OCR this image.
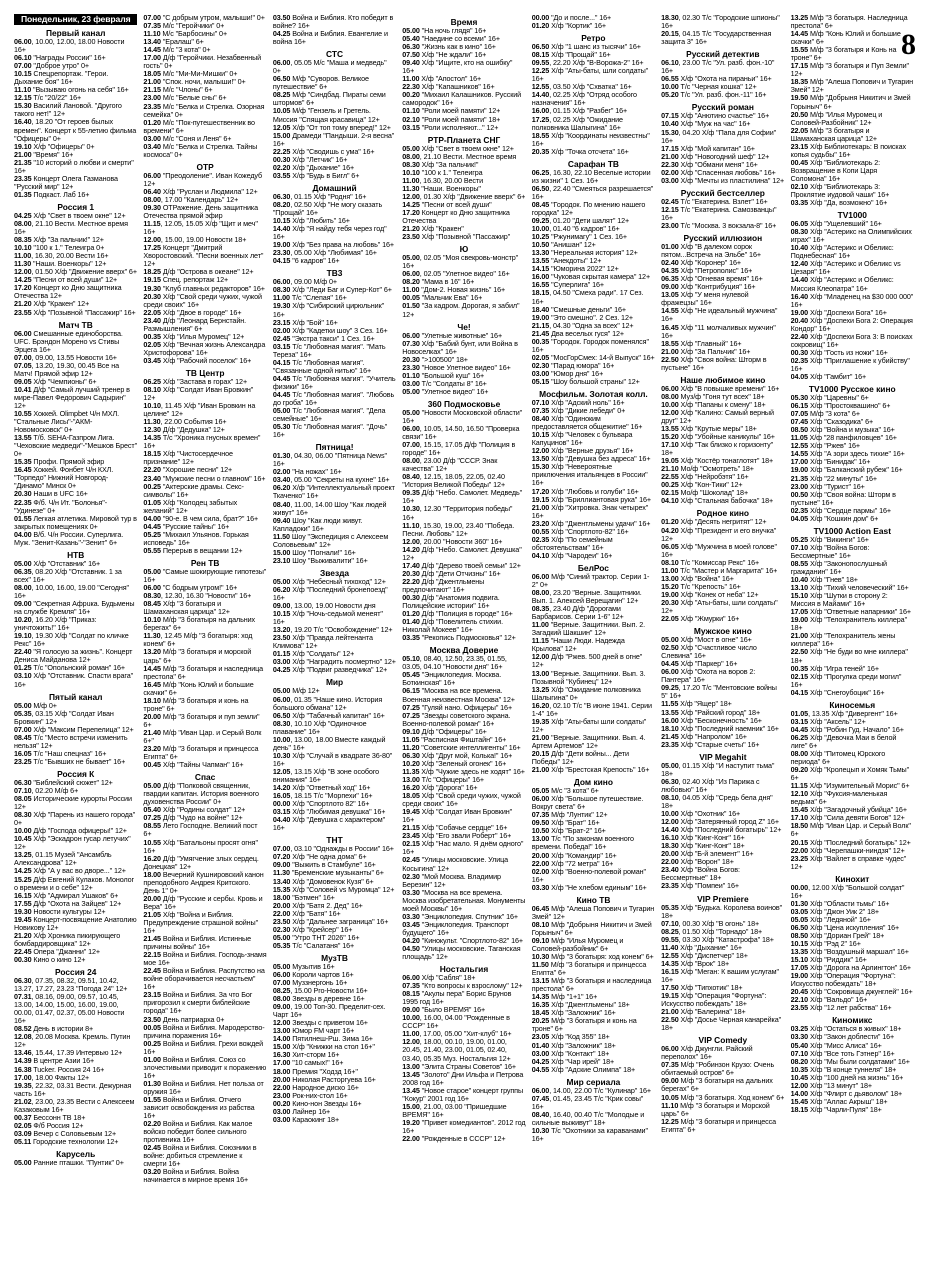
Понедельник, 23 февраля
Первый канал
06.00, 10.00, 12.00, 18.00 Новости 16+
06.10 "Награды России" 16+
07.00 "Доброе утро" 0+
10.15 Спецрепортаж. "Герои. Дыхание боя" 16+
11.10 "Вызываю огонь на себя" 16+
12.15 Т/с "20/22" 16+
15.30 Василий Лановой. "Другого такого нет!" 12+
16.40, 18.20 "От героев былых времен". Концерт к 55-летию фильма "Офицеры" 0+
19.10 Х/ф "Офицеры" 0+
21.00 "Время" 16+
21.35 "10 историй о любви и смерти" 16+
23.35 Концерт Олега Газманова "Русский мир" 12+
01.35 Подкаст. Лаб 16+
Россия 1
04.25 Х/ф "Свет в твоем окне" 12+
08.00, 21.10 Вести. Местное время 16+
08.35 Х/ф "За пальчик!" 12+
10.10 "100 к 1." Телеигра 0+
11.00, 16.30, 20.00 Вести 16+
11.30 "Наши. Военкоры" 12+
12.00, 01.50 Х/ф "Движение вверх" 6+
14.25 "Песни от всей души" 12+
17.20 Концерт ко Дню защитника Отечества 12+
21.20 Х/ф "Кракен" 12+
23.55 Х/ф "Позывной "Пассажир" 16+
Матч ТВ
06.00 Смешанные единоборства. UFC. Брэндон Морено vs Стивы Эрцега 16+
07.00, 09.00, 13.55 Новости 16+
07.05, 13.20, 19.30, 00.45 Все на Матч! Прямой эфир 12+
09.05 Х/ф "Чемпионы" 6+
10.41 Д/ф "Самый лучший тренер в мире-Павел Федорович Садырин" 12+
10.55 Хоккей. Olimpbet Ч/н МХЛ. "Стальные Лисы"-"АКМ-Новомосковск" 0+
13.55 Т/б. SEHA-Газпром Лига. "Чеховские медведи"-"Мешков Брест" 0+
15.35 Профи. Прямой эфир
16.45 Хоккей. Фонбет Ч/н КХЛ. "Торпедо" Нижний Новгород-"Динамо" Минск 0+
20.30 Наши в UFC 16+
22.35 Ф/б. Ч/н Ит. "Болонья"-"Удинезе" 0+
01.55 Легкая атлетика. Мировой тур в закрытых помещениях 0+
04.00 В/б. Ч/н России. Суперлига. Муж. "Зенит-Казань"-"Зенит" 6+
НТВ
05.00 Х/ф "Отставник" 16+
06.35, 08.20 Х/ф "Отставник. 1 за всех" 16+
08.00, 10.00, 16.00, 19.00 "Сегодня" 16+
09.00 "Секретная Афрuка. Будьмены на службе Кремля" 16+
10.20, 16.20 Х/ф "Приказ: уничтожить!" 16+
19.10, 19.30 Х/ф "Солдат по кличке Рекс" 16+
22.40 "Я голосую за жизнь". Концерт Дениса Майданова 12+
01.25 Т/с "Опольнский роман" 16+
03.10 Х/ф "Отставник. Спасти врага" 16+
Пятый канал
05.00 М/ф 0+
05.35, 03.15 Х/ф "Солдат Иван Бровкин" 12+
07.00 Х/ф "Максим Перепелица" 12+
08.45 Т/с "Место встречи изменить нельзя" 12+
16.05 Т/с "Наш спецназ" 16+
23.25 Т/с "Бывших не бывает" 16+
Россия К
06.30 "Библейский сюжет" 12+
07.10, 02.20 М/ф 6+
08.05 Исторические курорты России 12+
08.30 Х/ф "Парень из нашего города" 0+
10.00 Д/ф "Господа офицеры!" 12+
10.45 Х/ф "Эскадрон гусар летучих" 12+
13.25, 01.15 Музей "Ансамбль Александрова" 12+
14.25 Х/ф "А у вас во дворе..." 12+
15.25 Д/ф Евгений Кулаков. Монолог о времени и о себе" 12+
16.15 Х/ф "Адмирал Ушаков" 6+
17.55 Д/ф "Охота на Зайцев" 12+
19.30 Новости культуры 12+
19.45 Концерт-посвящение Анатолию Новикову 12+
21.20 Х/ф Хроника пикирующего бомбардировщика" 12+
22.45 Опера "Джанни" 12+
00.30 Кино о кино 12+
Россия 24
06.30, 07.35, 08.32, 09.51, 10.42, 13.27, 17.27, 23.23 "Погода 24" 12+
07.31, 08.16, 09.00, 09.57, 10.45, 13.00, 14.00, 15.00, 16.00, 19.00, 00.00, 01.47, 02.37, 05.00 Новости 16+
08.52 День в истории 8+
12.08, 20.08 Москва. Кремль. Путин 12+
13.46, 15.44, 17.39 Интервью 12+
14.39 В центре Азии 16+
16.38 Tucker. Россия 24 16+
17.00, 18.00 Факты 12+
19.35, 22.32, 03.31 Вести. Дежурная часть 16+
21.02, 23.00, 23.35 Вести с Алексеем Казаковым 16+
00.37 Бессонн ТВ 18+
02.05 Ф/б Россия 12+
03.09 Вечер с Соловьевым 12+
05.11 Городские технологии 12+
Карусель
05.00 Ранние пташки. "Пунтик" 0+
07.00 "С добрым утром, малыши!" 0+
07.35 М/с "Геройчики" 0+
11.10 М/с "Барбосины" 0+
13.40 "Ералаш" 6+
14.45 М/с "3 кота" 0+
17.00 Д/ф "Геройчики. Незабвенный гость" 0+
18.05 М/с "Ми-Ми-Мишки" 0+
21.00 "Спок. ночи, малыши!" 0+
21.15 М/с "Члоны" 6+
23.00 М/с "Белые сны" 6+
23.35 М/с "Белка и Стрелка. Озорная семейка" 0+
01.20 М/с "Пок-путешественник во времени" 6+
03.00 М/с "Соня и Леня" 6+
03.40 М/с "Белка и Стрелка. Тайны космоса" 0+
ОТР
06.00 "Преодоление". Иван Кожедуб 12+
06.40 Х/ф "Руслан и Людмила" 12+
08.00, 17.00 "Календарь" 12+
09.30 ОТРажение. День защитника Отечества прямой эфир
11.15, 12.05, 15.05 Х/ф "Щит и меч" 16+
12.00, 15.00, 19.00 Новости 18+
17.25 Концерт "Дмитрий Хворостовский. "Песни военных лет" 12+
18.25 Д/ф "Острова в океане" 12+
19.15 Спец. репортаж 12+
19.30 "Клуб главных редакторов" 16+
20.30 Х/ф "Свой среди чужих, чужой среди своих" 16+
22.05 Х/ф "Двое в городе" 16+
23.40 Д/ф "Леонард Бернстайн. Размышления" 6+
00.35 Х/ф "Илья Муромец" 12+
02.05 Х/ф "Вечная жизнь Александра Христофорова" 16+
03.45 Х/ф "Рабочий поселок" 16+
ТВ Центр
06.25 Х/ф "Застава в горах" 12+
08.10 Х/ф "Солдат Иван Бровкин" 12+
10.10, 11.45 Х/ф "Иван Бровкин на целине" 12+
11.30, 22.00 События 16+
12.30 Д/ф "Дедушка" 12+
14.35 Т/с "Хроника гнусных времен" 16+
18.15 Х/ф "Чистосердечное признание" 12+
22.20 "Хорошие песни" 12+
23.40 "Мужские песни о главном" 16+
00.25 "Актерские драмы. Секс-символы" 16+
01.05 Х/ф "Колодец забытых желаний" 12+
04.00 "90-е. В чем сила, брат?" 16+
04.45 "Русские тайны" 16+
05.25 "Михаил Ульянов. Горькая исповедь" 16+
05.55 Перерыв в вещании 12+
Рен ТВ
05.00 "Самые шокирующие гипотезы" 16+
06.00 "С бодрым утром!" 16+
08.30, 12.30, 16.30 "Новости" 16+
08.45 Х/ф "3 богатыря и Шамаханская царица" 12+
10.10 М/ф "3 богатыря на дальних берегах" 6+
11.30, 12.45 М/ф "3 богатыря: ход конем" 6+
13.20 М/ф "3 богатыря и морской царь" 6+
14.45 М/ф "3 богатыря и наследница престола" 6+
16.45 М/ф "Конь Юлий и большие скачки" 6+
18.10 М/ф "3 богатыря и конь на троне" 6+
20.00 М/ф "3 богатыря и пуп земли" 6+
21.40 М/ф "Иван Цар. и Серый Волк 6+"
23.20 М/ф "3 богатыря и принцесса Египта" 6+
00.45 Х/ф "Тайны Чапман" 16+
Спас
05.00 Д/ф "Полковой священник, гвардии капитан. История военного духовенства России" 0+
05.40 Х/ф "Родины солдат" 12+
07.25 Д/ф "Чудо на войне" 12+
08.55 Лето Господне. Великий пост 6+
10.55 Х/ф "Батальоны просят огня" 16+
16.20 Д/ф "Умягчение злых сердец. Донецкая" 12+
18.00 Вечерний Кушнировский канон преподобного Андрея Критского. День 1" 0+
20.00 Д/ф "Русские и сербы. Кровь и Вера" 16+
21.05 Х/ф "Война и Библия. Предупреждение страшной войны" 16+
21.45 Война и Библия. Истинные причины войны" 16+
22.15 Война и Библия. Господь-знамя мое 16+
22.45 Война и Библия. Распутство на войне оборачивается несчастьем" 16+
23.15 Война и Библия. За что Бог пригорозил к смерти библейские города" 16+
23.50 День патриарха 0+
00.05 Война и Библия. Мародерство-причина поражения 16+
00.25 Война и Библия. Грехи вождей 16+
01.00 Война и Библия. Союз со злочестивыми приводит к поражению 16+
01.30 Война и Библия. Нет польза от оружия 16+
01.55 Война и Библия. Отчего зависит освобождения из рабства 16+
02.20 Война и Библия. Как малое войско победит более сильного противника 16+
02.45 Война и Библия. Союзники в войне: добиться стремление к смерти 16+
03.20 Война и Библия. Война начинается в мирное время 16+
03.50 Война и Библия. Кто победит в войне? 16+
04.25 Война и Библия. Евангелие и война 16+
СТС
06.00, 05.05 М/с "Маша и медведь" 0+
06.50 М/ф "Суворов. Великое путешествие" 6+
08.25 М/ф "Синдбад. Пираты семи штормов" 6+
10.05 М/ф "Гензель и Гретель. Миссия "Спящая красавица" 12+
12.05 Х/ф "От топ тому вперед!" 12+
15.00 Драмеди "Пандыши. 2-я весна" 16+
22.25 Х/ф "Сводишь с ума" 16+
00.30 Х/ф "Летчик" 16+
02.20 Х/ф "Дыхание" 16+
03.55 Х/ф "Будь в Бигл" 6+
Домашний
06.30, 01.15 Х/ф "Родня" 16+
08.20, 02.50 Х/ф "Не могу сказать "Прощай" 16+
10.15 Х/ф "Любить" 16+
14.40 Х/ф "Я найду тебя через год" 16+
19.00 Х/ф "Без права на любовь" 16+
23.30, 05.00 Х/ф "Любимая" 16+
04.15 "6 кадров" 16+
ТВ3
06.00, 09.00 М/ф 0+
08.30 Х/ф "Леди Баг и Супер-Кот" 6+
11.00 Т/с "Слепая" 16+
19.30 Х/ф "Сибирский цирюльник" 16+
23.15 Х/ф "Бой" 16+
02.00 Х/ф "Кадетки шоу" 3 Сез. 16+
02.45 "Экстра такси" 1 Сез. 16+
03.15 Т/с "Любовная магия". "Мать Тереза" 16+
04.15 Т/с "Любовная магия". "Связанные одной нитью" 16+
04.45 Т/с "Любовная магия". "Учитель физики" 16+
04.45 Т/с "Любовная магия". "Любовь до гроба" 16+
05.00 Т/с "Любовная магия". "Дела семейные" 16+
05.30 Т/с "Любовная магия". "Дочь" 16+
Пятница!
01.30, 04.30, 06.00 "Пятница News" 16+
02.00 "На ножах" 16+
03.40, 05.00 "Секреты на кухне" 16+
06.20 Х/ф "Интеллектуальный проект Ткаченко" 16+
08.40, 11.00, 14.00 Шоу "Как людей живут" 16+
09.40 Шоу "Как люди живут. Капладоки" 16+
11.50 Шоу "Экспедиция с Алексеем Соловьевым" 12+
15.00 Шоу "Погнали!" 16+
23.10 Шоу "Выживалити" 16+
Звезда
05.00 Х/ф "Небесный тихоход" 12+
06.20 Х/ф "Последний бронепоезд" 16+
09.00, 13.00, 19.00 Новости дня
10.15 Х/ф "Ночь-седьмой менеят" 16+
13.20, 19.20 Т/с "Освобождение" 12+
23.50 Х/ф "Правда лейтенанта Климова" 12+
01.15 Х/ф "Солдаты" 12+
03.00 Х/ф "Наградить посмертно" 12+
04.25 Х/ф "Подвиг разведчика" 12+
Мир
05.00 М/ф 12+
06.00, 01.35 "Наше кино. История большого обмана" 12+
06.50 Х/ф "Табачный капитан" 16+
08.30, 10.10 Х/ф "Одиночное плавание" 16+
10.00, 13.00, 18.00 Вместе каждый день" 16+
10.30 Х/ф "Случай в квадрате 36-80" 16+
12.05, 13.15 Х/ф "В зоне особого внимания" 16+
14.20 Х/ф "Ответный ход" 16+
16.05, 18.15 Т/с "Морпехи" 16+
00.00 Х/ф "Спортлото 82" 16+
03.15 Х/ф "Любимая девушка" 16+
04.40 Х/ф "Девушка с характером" 16+
ТНТ
07.00, 03.10 "Однажды в России" 16+
07.20 Х/ф "Не одна дома" 6+
09.00 "Выжить в Стамбуле" 16+
11.30 "Бременские музыканты" 6+
13.40 Х/ф "Домовенок Кузя" 6+
15.35 Х/ф "Соловей vs Муромца" 12+
18.00 "Бэтмен" 16+
20.00 Х/ф "Батя 2. Дед" 16+
22.00 Х/ф "Батя" 16+
23.50 Х/ф "Дальнее заграница" 16+
02.30 Х/ф "Крейсер" 16+
05.00 "Утро ТНТ 2026" 16+
05.35 Т/с "Салатаня" 16+
МузТВ
05.00 Музытив 16+
06.00 Короли чартов 16+
07.00 Муззнергонь 16+
08.25, 15.00 Pro-Новости 16+
08.00 Звезды в деревне 16+
09.00, 19.00 Топ-30. Пределит-сех. Чарт 16+
12.00 Звезды с приветом 16+
13.00 Юмор FM чарт 16+
14.00 Пятилнеш-Рш. Зима 16+
15.00 Х/ф "Книжки на стол 16+"
16.30 Хит-сторм 16+
17.00 "10 самых!" 16+
18.00 Премия "Ходзд 16+"
20.00 Николая Расторгуева 16+
22.00 Народное диско 16+
23.00 Рок-них-стол 16+
00.20 Кино-нон Звезды 16+
03.00 Лайнер 16+
03.00 Караокинг 18+
Время
05.00 "На ночь глядя" 16+
05.40 "Наедине со всеми" 16+
06.30 "Жизнь как в кино" 16+
07.50 Х/ф "Не ждали" 16+
09.40 Х/ф "Ищите, кто на ошибку" 16+
11.00 Х/ф "Апостол" 16+
22.30 Х/ф "Капашников" 16+
00.20 "Михаил Калашников. Русский самородок" 16+
01.10 "Роли моей памяти" 12+
02.10 "Роли моей памяти" 18+
03.15 "Роли исполняют..." 12+
РТР-Планета СНГ
05.00 Х/ф "Свет в твоем окне" 12+
08.00, 21.10 Вести. Местное время
08.30 Х/ф "За пальчик!"
10.10 "100 к 1." Телеигра
11.00, 16.30, 20.00 Вести
11.30 "Наши. Военкоры"
12.00, 01.30 Х/ф "Движение вверх" 6+
14.25 "Песни от всей души"
17.20 Концерт ко Дню защитника Отечества
21.20 Х/ф "Кракен"
23.50 Х/ф "Позывной "Пассажир"
Ю
05.00, 02.05 "Моя свекровь-монстр" 16+
06.00, 02.05 "Улетное видео" 16+
08.20 "Мама в 16" 16+
11.00 "Дом-2. Новая жизнь" 16+
00.05 "Мальчик Ева" 16+
01.50 "За кадром. Дорогая, я забил" 12+
Че!
06.00 "Улетные животные" 16+
07.30 Х/ф "Бабий бунт, или Война в Новоселках" 16+
20.30 ">100500" 18+
23.30 "Новое Улетное видео" 16+
01.10 "Большой куш" 16+
03.00 Т/с "Солдаты 8" 16+
05.00 "Улетное видео" 16+
360 Подмосковье
05.00 "Новости Московской области" 16+
06.00, 10.05, 14.50, 16.50 "Проверка связи" 16+
07.00, 15.15, 17.05 Д/ф "Полиция в городе" 16+
08.00, 23.00 Д/ф "СССР. Знак качества" 12+
08.40, 12.15, 18.05, 22.05, 02.40 "История Великой Победы" 12+
09.35 Д/ф "Небо. Самолет. Медведь" 16+
10.30, 12.30 "Территория победы" 16+
11.10, 15.30, 19.00, 23.40 "Победа. Песни. Любовь" 12+
12.00, 20.00 "Новости 360" 16+
14.20 Д/ф "Небо. Самолет. Девушка" 12+
17.40 Д/ф "Дерево твоей семьи" 12+
20.30 Д/ф "Дети Отчизны" 16+
22.20 Д/ф "Джентльмены предпочитают" 16+
00.30 Д/ф "Анатомия подвига. Полицейские истории" 16+
01.20 Д/ф "Полиция в городе" 16+
01.40 Д/ф "Повелитель стихии. Николай Мокеев" 16+
03.35 "Рекопись Подмосковья" 12+
Москва Доверие
05.10, 08.40, 12.50, 23.35, 01.55, 03.05, 04.10 "Новости дня" 16+
05.45 "Энциклопедия. Москва. Боткинская" 16+
06.15 "Москва на все времена. Военная неизвестная Москва" 12+
07.25 "Гуляй нано. Офицеры" 16+
07.25 "Звезды советского экрана. Военно-полевой роман" 16+
09.10 Д/ф "Офицеры" 16+
11.05 "Расписная Фиштайн" 16+
11.20 "Советские интеллигенты" 16+
06.30 Х/ф "Друг мой, Колька!" 16+
10.20 Х/ф "Зеленый огонек" 16+
11.35 Х/ф "Чужие здесь не ходят" 16+
13.00 Т/с "Офицеры" 16+
16.20 Х/ф "Дорога" 16+
18.05 Х/ф "Свой среди чужих, чужой среди своих" 16+
19.45 Х/ф "Солдат Иван Бровкин" 16+
21.15 Х/ф "Собачье сердце" 16+
23.45 Х/ф "Его звали Роберт" 16+
02.15 Х/ф "Нас мало. Я днём одного" 16+
02.45 "Улицы московские. Улица Косыгина" 12+
02.30 "Мой Москва. Владимир Березин" 12+
03.30 "Москва на все времена. Москва изобретательная. Монументы моей Москвы" 16+
03.30 "Энциклопедия. Спутник" 16+
03.45 "Энциклопедия. Транспорт будущего" 16+
04.20 "Кинокульт. "Спортлото-82" 16+
04.50 "Улицы московские. Таганская площадь" 12+
Ностальгия
06.00 Х/ф "Сабля" 18+
07.35 "Кто вопросы к взрослому" 12+
08.15 "Акулы пера" Борис Брунов 1995 год 16+
09.00 "Было ВРЕМЯ" 16+
10.00, 16.00, 04.00 "Рожденные в СССР" 16+
11.00, 17.00, 05.00 "Хит-клуб" 16+
12.00, 18.00, 00.10, 19.00, 01.00, 20.45, 21.40, 23.00, 01.05, 02.40, 03.40, 05.35 Муз. Ностальгия 12+
13.00 "Элита Страны Советов" 16+
13.45 "Золото" Дни Ильфа и Петрова 2008 год 16+
13.45 "Новое старое" концерт группы "Кокур" 2001 год 16+
15.00, 21.00, 03.00 "Пришедшие ВРЕМЯ" 16+
19.20 "Привет комедиантов". 2012 год 16+
22.00 "Рожденные в СССР" 12+
00.00 "До и после..." 16+
01.20 Х/ф "Кортик" 16+
Ретро
06.50 Х/ф "1 шанс из тысячи" 16+
08.15 Х/ф "Прощай" 16+
09.55, 22.20 Х/ф "В-Ворожа-2" 16+
12.25 Х/ф "Аты-баты, шли солдаты" 16+
12.55, 03.50 Х/ф "Схватка" 16+
14.40, 02.25 Х/ф "Отряд особого назначения" 16+
16.00, 01.15 Х/ф "Разбег" 16+
17.25, 02.25 Х/ф "Ожидание полковника Шалыгина" 16+
18.55 Х/ф "Координаты неизвестны" 16+
20.35 Х/ф "Точка отсчета" 16+
Сарафан ТВ
06.25, 16.30, 22.10 Веселые истории из жизни" 1 Сез. 16+
06.50, 22.40 "Смеяться разрешается" 16+
08.45 "Городок. По мнению нашего городка" 12+
09.25, 01.20 "Дети шалят" 12+
10.00, 01.40 "6 кадров" 16+
10.25 "Ржунимагу" 1 Сез. 16+
10.50 "Анишан" 12+
13.30 "Нереальная история" 12+
13.55 "Анекдоты" 12+
14.15 "Юморина 2022" 12+
16.00 "Чуковая скрытая камера" 12+
16.55 "Суперлига" 16+
18.15, 04.50 "Смеха ради". 17 Сез. 16+
18.40 "Смешные деньги" 16+
19.00 "Это смешно". 2 Сез. 12+
21.15, 04.30 "Одна за всех" 12+
21.45 Два веселых гуся" 12+
00.35 "Городок. Городок поменялся" 16+
02.05 "МосГорСмех: 14-й Выпуск" 16+
02.30 "Парад юмора" 16+
03.00 "Юмор дня" 16+
05.15 "Шоу большой страны" 12+
Мосфильм. Золотая колл.
07.10 Х/ф "Адский ноль" 16+
07.35 Х/ф "Дикие лебеди" 0+
08.40 Х/ф "Одиноким предоставляется общежитие" 16+
10.15 Х/ф "Человек с бульвара Капуцинов" 16+
12.00 Х/ф "Верные друзья" 16+
13.50 Х/ф "Девушка без адреса" 16+
15.30 Х/ф "Невероятные приключения итальянцев в России" 16+
17.20 Х/ф "Любовь и голуби" 16+
19.15 Х/ф "Бриллиантовая рука" 16+
21.00 Х/ф "Хитровка. Знак четырех" 16+
23.20 Х/ф "Джентльмены удачи" 16+
00.55 Х/ф "Спортлото-82" 16+
02.35 Х/ф "По семейным обстоятельствам" 16+
04.10 Х/ф "Чародеи" 16+
БелРос
06.00 М/ф "Синий трактор. Серии 1-2" 0+
08.00, 23.20 "Верные. Защитники. Вып. 1. Алексей Верещагин" 12+
08.35, 23.40 Д/ф "Дорогами Барбарисов. Серии 1-6" 12+
11.00 "Верные. Защитники. Вып. 2. Загадкий Шакшин" 12+
11.15 "Наши Люди. Надежда Крылова" 12+
12.00 Д/ф "Ржев. 500 дней в огне" 12+
13.00 "Верные. Защитники. Вып. 3. Позывной "Кубинец" 12+
13.25 Х/ф "Ожидание полковника Шалыгина" 0+
16.20, 02.10 Т/с "В июне 1941. Серии 1-4" 16+
19.35 Х/ф "Аты-баты шли солдаты" 12+
21.00 "Верные. Защитники. Вып. 4. Артем Артемов" 12+
20.15 Д/ф "Дети войны... Дети Победы" 12+
21.00 Х/ф "Брестская Крепость" 16+
Дом кино
05.05 М/с "3 кота" 6+
06.00 Х/ф "Большое путешествие. Вокруг света" 6+
07.35 М/ф "Лунтик" 12+
09.50 Х/ф "Брат" 16+
10.50 Х/ф "Брат-2" 16+
13.00 Т/с "По законам военного времени. Победа!" 16+
20.00 Х/ф "Командир" 16+
22.00 Х/ф "72 метра" 16+
02.00 Х/ф "Военно-полевой роман" 16+
03.30 Х/ф "Не хлебом единым" 16+
Кино ТВ
06.45 М/ф "Алеша Попович и Тугарин Змей" 12+
08.10 М/ф "Добрыня Никитич и Змей Горыныч" 6+
09.10 М/ф "Илья Муромец и Соловей-разбойник" 6+
10.30 М/ф "3 богатыря: ход конем" 6+
11.50 М/ф "3 богатыря и принцесса Египта" 6+
13.15 М/ф "3 богатыря и наследница престола" 6+
14.35 М/ф "1+1" 16+
16.35 Х/ф "Джентльмены" 18+
18.45 Х/ф "Заложник" 16+
20.25 М/ф "3 богатыря и конь на троне" 6+
23.05 Х/ф "Код 355" 18+
01.40 Х/ф "Заложник" 18+
03.00 Х/ф "Контакт" 18+
04.25 Х/ф "Чар ирей" 18+
04.55 Х/ф "Адские Олимпа" 18+
Мир сериала
06.00, 14.00, 22.00 Т/с "Кулинар" 16+
07.45, 01.45, 23.45 Т/с "Крик совы" 16+
08.40, 16.40, 00.40 Т/с "Молодые и сильные выживут" 18+
10.30 Т/с "Охотники за караванами" 16+
18.30, 02.30 Т/с "Городские шпионы" 16+
20.15, 04.15 Т/с "Государственная защита 3" 16+
Русский детектив
06.10, 23.00 Т/с "Ул. разб. фон.-10" 16+
06.55 Х/ф "Охота на пираньи" 16+
10.00 Т/с "Черная кошка" 12+
05.20 Т/с "Ул. разб. фон.-11" 16+
Русский роман
07.15 Х/ф "Анютино счастье" 16+
10.40 Х/ф "Муж на час" 16+
15.30, 04.20 Х/ф "Папа для Софии" 16+
17.15 Х/ф "Мой капитан" 16+
21.00 Х/ф "Новогодний шеф" 12+
22.30 Х/ф "Обмани меня" 16+
02.00 Х/ф "Спасенная любовь" 16+
03.00 Х/ф "Мечты из пластилина" 12+
Русский бестселлер
02.45 Т/с "Екатерина. Взлет" 16+
12.15 Т/с "Екатерина. Самозванцы" 16+
23.00 Т/с "Москва. 3 вокзала-8" 16+
Русский иллюзион
01.00 Х/ф "В далеком сорок пятом...Встреча на Эльбе" 16+
02.40 Х/ф "Коронер" 16+
04.35 Х/ф "Петрополис" 16+
06.35 Х/ф "Огневая время" 16+
09.00 Х/ф "Контрибуция" 16+
13.05 Х/ф "У меня нулевой фражецзы" 16+
14.55 Х/ф "Не идеальный мужчина" 16+
16.45 Х/ф "11 молчаливых мужчин" 16+
18.55 Х/ф "Главный" 16+
21.00 Х/ф "За Пальчик" 16+
22.50 Х/ф "Своя война: Шторм в пустыне" 16+
Наше любимое кино
06.00 Х/ф "В повышке времени" 16+
08.00 Муз/ф "Гоня тут всех" 18+
10.00 Х/ф "Папаны к смену" 18+
12.00 Х/ф "Калино: Самый верный друг" 12+
13.55 Х/ф "Крутые меры" 18+
15.20 Х/ф "Убойные каникулы" 16+
17.10 Х/ф "Так близко к горизонту" 18+
19.05 Х/ф "Костёр тонаглотят" 18+
21.10 Мо/ф "Осмотреть" 18+
22.55 Х/ф "Нейробэтя" 16+
00.25 Х/ф "Кон-Тики" 12+
02.15 Мо/ф "Шоколад" 18+
04.10 Х/ф "Стальная бабочка" 18+
Родное кино
01.20 Х/ф "Десять негритят" 12+
04.20 Х/ф "Президент и его внучка" 12+
06.05 Х/ф "Мужчина в моей голове" 16+
08.10 Т/с "Комиссар Рекс" 16+
11.00 Т/с "Мастер и Маргарита" 16+
13.00 Х/ф "Война" 16+
15.20 Т/с "Крепость" 16+
19.00 Х/ф "Конек от неба" 12+
20.30 Х/ф "Аты-баты, шли солдаты" 12+
22.05 Х/ф "Жмурки" 16+
Мужское кино
05.00 Х/ф "Мост в огне" 16+
02.50 Х/ф "Счастливое число Слевина" 16+
04.45 Х/ф "Паркер" 16+
06.00 Х/ф "Охота на воров 2: Пантера" 16+
09.25, 17.20 Т/с "Ментовские войны 5" 16+
11.55 Х/ф "Ящер" 18+
13.55 Х/ф "Райский город" 18+
16.00 Х/ф "Бесконечность" 16+
18.10 Х/ф "Последний наемник" 16+
21.45 Х/ф "Напролом" 16+
23.35 Х/ф "Старые счеты" 16+
VIP Megahit
05.00, 01.15 Х/ф "И наступит тьма" 18+
06.30, 02.40 Х/ф "Из Парижа с любовью" 16+
08.10, 04.05 Х/ф "Средь бела дня" 18+
10.00 Х/ф "Охотник" 16+
12.00 Х/ф "Затерянный город Z" 16+
14.40 Х/ф "Последний богатырь" 12+
16.10 Х/ф "Кинг-Конг" 16+
18.30 Х/ф "Кинг-Конг" 18+
20.00 Х/ф "Б-й элемент" 16+
22.00 Х/ф "Ворон" 18+
23.40 Х/ф "Война Богов: Бессмертные" 18+
23.35 Х/ф "Помпеи" 16+
VIP Premiere
05.35 Х/ф "Будька. Королева воинов" 18+
07.10, 00.30 Х/ф "В огонь" 18+
08.25, 01.50 Х/ф "Торнадо" 18+
09.55, 03.30 Х/ф "Катастрофа" 18+
11.40 Х/ф "Дыхание" 16+
12.55 Х/ф "Диспетчер" 18+
14.35 Х/ф "Врок" 18+
16.15 Х/ф "Меган: К вашим услугам" 16+
17.50 Х/ф "Типхотик" 18+
19.15 Х/ф "Операция "Фортуна": Искусство побеждать" 18+
21.00 Х/ф "Балерина" 18+
22.50 Х/ф "Досье Черная канарейка" 18+
VIP Comedy
06.00 Х/ф Джунгли. Райский переполох" 16+
07.35 М/ф "Робинзон Крузо: Очень обитаемый остров" 6+
09.00 М/ф "3 богатыря на дальних берегах" 6+
10.05 М/ф "3 богатыря. Ход конем" 6+
11.10 М/ф "3 богатыря и Морской царь" 6+
12.25 М/ф "3 богатыря и принцесса Египта" 6+
13.25 М/ф "3 богатыря. Наследница престола" 6+
14.45 М/ф "Конь Юлий и большие скачки" 6+
15.55 М/ф "3 богатыря и Конь на троне" 6+
17.15 М/ф "3 богатыря и Пуп Земли" 12+
18.35 М/ф "Алеша Попович и Тугарин Змей" 12+
19.50 М/ф "Добрыня Никитич и Змей Горыныч" 6+
20.50 М/ф "Илья Муромец и Соловей-Разбойник" 12+
22.05 М/ф "3 богатыря и Шамаханская царица" 12+
23.15 Х/ф Библиотекарь: В поисках копья судьбы" 16+
00.45 Х/ф "Библиотекарь 2: Возвращение в Копи Царя Соломона" 16+
02.10 Х/ф "Библиотекарь 3: Проклятие иудовой чаши" 16+
03.35 Х/ф "Да, возможно" 16+
TV1000
06.05 Х/ф "Ущелевший" 16+
08.30 Х/ф "Астерикс на Олимпийских играх" 16+
10.40 Х/ф "Астерикс и Обеликс: Поднебесная" 16+
12.40 Х/ф "Астерикс и Обеликс vs Цезаря" 16+
14.40 Х/ф "Астерикс и Обеликс: Миссия Клеопатра" 16+
16.40 Х/ф "Младенец на $30 000 000" 16+
19.00 Х/ф "Доспехи Бога" 16+
20.40 Х/ф "Доспехи Бога 2: Операция Кондор" 16+
22.40 Х/ф "Доспехи Бога 3: В поисках сокровищ" 16+
00.30 Х/ф "Гость из ножи" 16+
02.35 Х/ф "Приглашение к убийству" 16+
04.05 Х/ф "Гамбит" 16+
TV1000 Русское кино
05.30 Х/ф "Царевны" 6+
06.15 Х/ф "Простоквашино" 6+
07.05 М/ф "3 кота" 6+
07.45 Х/ф "Сказодика" 6+
08.50 Х/ф "Война и музыка" 16+
11.05 Х/ф "28 панфиловцев" 16+
12.55 Х/ф "Ржев" 16+
14.55 Х/ф "А зори здесь тихие" 16+
17.00 Х/ф "Бинидак" 16+
19.00 Х/ф "Балканский рубеж" 16+
21.35 Х/ф "22 минуты" 16+
23.00 Х/ф "Турист" 16+
00.50 Х/ф "Своя война: Шторм в пустыне" 16+
02.35 Х/ф "Сердце пармы" 16+
04.05 Х/ф "Кошкин дом" 6+
TV1000 Action East
05.25 Х/ф "Викинги" 16+
07.10 Х/ф "Война Богов: Бессмертные" 16+
08.55 Х/ф "Законопослушный гражданин" 16+
10.40 Х/ф "Гнев" 18+
13.10 Х/ф "Тихий человеческий" 16+
15.10 Х/ф "Шутки в сторону 2: Миссия в Майами" 16+
17.05 Х/ф "Ответные напарники" 16+
19.00 Х/ф "Телохранитель киллера" 18+
21.00 Х/ф "Телохранитель жены киллера" 16+
22.50 Х/ф "Не буди во мне киллера" 18+
00.35 Х/ф "Игра теней" 16+
02.15 Х/ф "Прогулка среди могил" 16+
04.15 Х/ф "Снегоубоцик" 16+
Киносемья
01.05, 13.35 Х/ф "Дивергент" 16+
03.15 Х/ф "Аксель" 12+
04.45 Х/ф "Робин Гуд. Начало" 16+
06.25 Х/ф "Девочка Маи в белой лиге" 6+
08.00 Х/ф "Питомец Юрского периода" 6+
09.20 Х/ф "Кролецып и Хомяк Тьмы" 6+
11.15 Х/ф "Изумительный Морис" 6+
12.10 Х/ф "Фуксия-маленькая ведьма" 6+
15.45 Х/ф "Загадочный убийца" 16+
17.10 Х/ф "Сила девяти Богов" 12+
18.50 М/ф "Иван Цар. и Серый Волк" 6+
20.15 Х/ф "Последний богатырь" 12+
22.00 Х/ф "Черепашки-ниндзя" 12+
23.25 Х/ф "Вайлет в справке чудес" 12+
Кинохит
00.00, 12.00 Х/ф "Большой солдат" 16+
01.30 Х/ф "Области тьмы" 16+
03.05 Х/ф "Джон Уик 2" 18+
05.05 Х/ф "Ледяной" 16+
06.50 Х/ф "Цена искупления" 16+
08.50 Х/ф "Дориан Грей" 18+
10.15 Х/ф "Рэд 2" 16+
13.35 Х/ф "Воздушный маршал" 16+
15.10 Х/ф "Риддик" 16+
17.05 Х/ф "Дорога на Арлингтон" 16+
19.00 Х/ф "Операция "Фортуна": Искусство побеждать" 18+
20.45 Х/ф "Сокровища джунглей" 16+
22.10 Х/ф "Вальдо" 16+
23.55 Х/ф "12 лет рабства" 16+
Киномикс
03.25 Х/ф "Остаться в живых" 18+
03.30 Х/ф "Закон доблести" 16+
05.40 Х/ф "Мисс Алиса" 16+
07.10 Х/ф "Все тоть Гэтнер" 16+
08.20 Х/ф "Мы были солдатами" 16+
10.35 Х/ф "В конце туннеля" 18+
10.45 Х/ф "100 дней на жизнь" 16+
12.00 Х/ф "13 минут" 18+
14.00 Х/ф "Флирт с дьяволом" 18+
15.45 Х/ф "Аллас Акрыш" 18+
18.15 Х/ф "Чарли-Пуля" 18+
8
